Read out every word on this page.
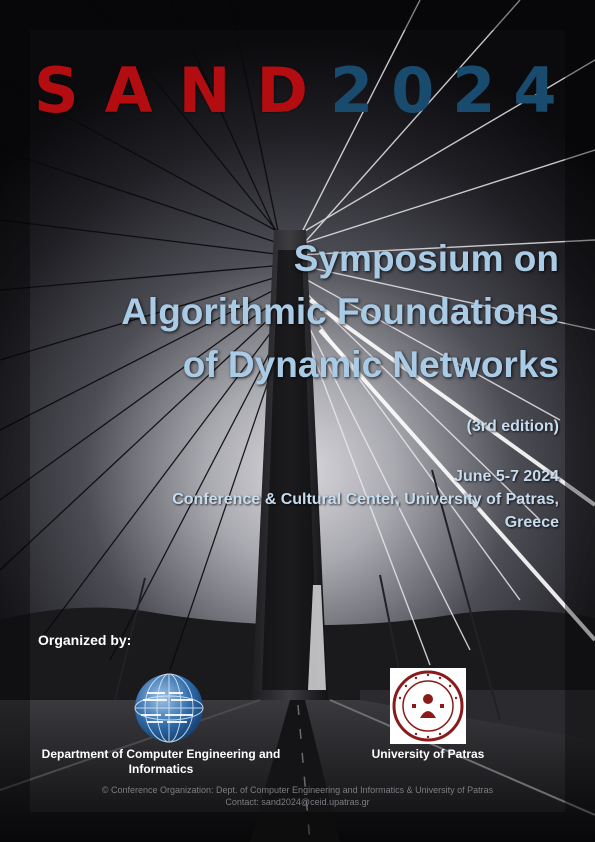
SAND
2024
Symposium on
Algorithmic Foundations
of Dynamic Networks
(3rd edition)
June 5-7 2024
Conference & Cultural Center, University of Patras,
Greece
Organized by:
Department of Computer Engineering and
Informatics
University of Patras
© Conference Organization: Dept. of Computer Engineering and Informatics & University of Patras
Contact: sand2024@ceid.upatras.gr
